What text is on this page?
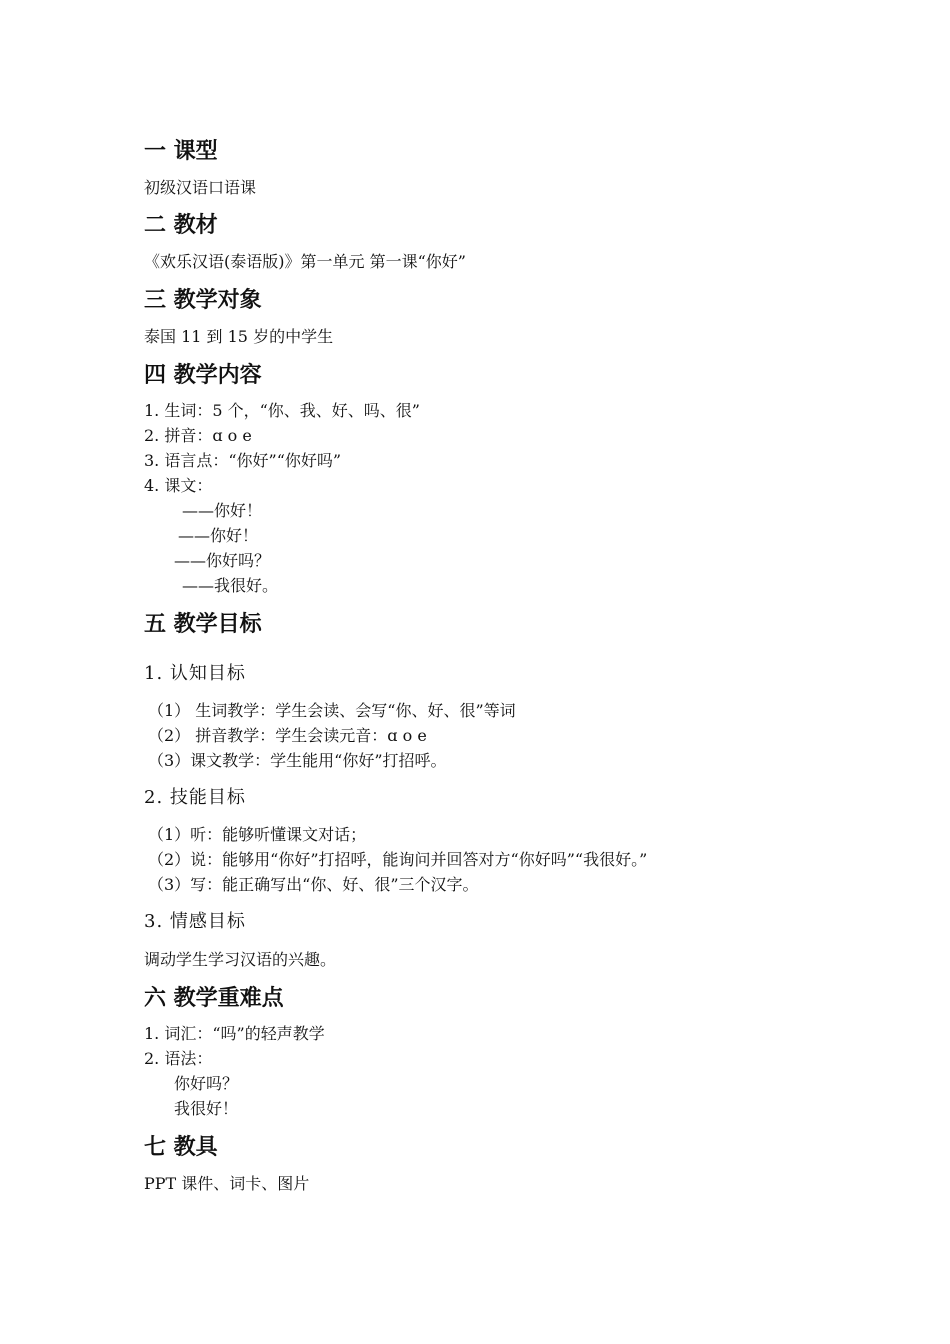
一 课型
初级汉语口语课
二 教材
《欢乐汉语(泰语版)》第一单元 第一课“你好”
三 教学对象
泰国 11 到 15 岁的中学生
四 教学内容
1. 生词：5 个，“你、我、好、吗、很”
2. 拼音：ɑ o e
3. 语言点：“你好”“你好吗”
4. 课文：
——你好！
——你好！
——你好吗？
——我很好。
五 教学目标
1. 认知目标
（1） 生词教学：学生会读、会写“你、好、很”等词
（2） 拼音教学：学生会读元音：ɑ o e
（3）课文教学：学生能用“你好”打招呼。
2. 技能目标
（1）听：能够听懂课文对话；
（2）说：能够用“你好”打招呼，能询问并回答对方“你好吗”“我很好。”
（3）写：能正确写出“你、好、很”三个汉字。
3. 情感目标
调动学生学习汉语的兴趣。
六 教学重难点
1. 词汇：“吗”的轻声教学
2. 语法：
你好吗？
我很好！
七 教具
PPT 课件、词卡、图片
